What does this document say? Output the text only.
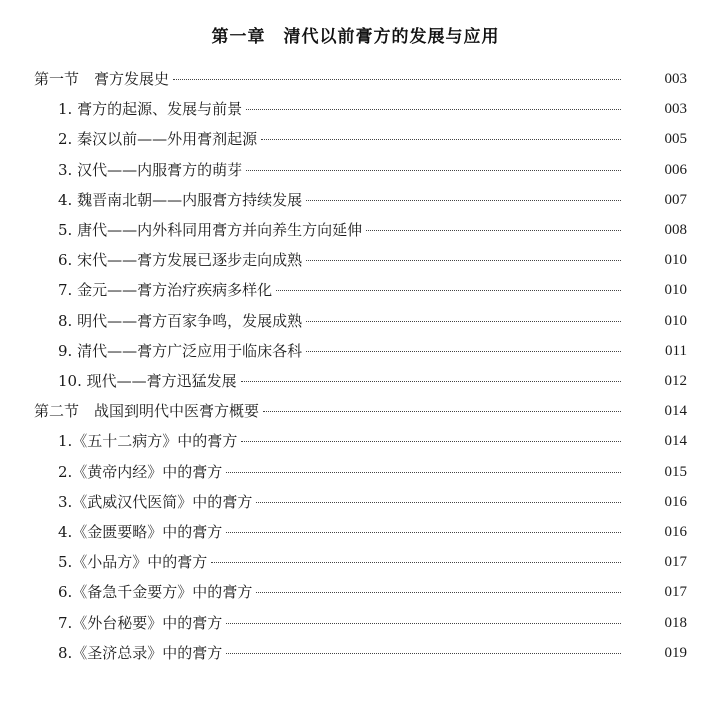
第一章　清代以前膏方的发展与应用
第一节　膏方发展史	003
1. 膏方的起源、发展与前景	003
2. 秦汉以前——外用膏剂起源	005
3. 汉代——内服膏方的萌芽	006
4. 魏晋南北朝——内服膏方持续发展	007
5. 唐代——内外科同用膏方并向养生方向延伸	008
6. 宋代——膏方发展已逐步走向成熟	010
7. 金元——膏方治疗疾病多样化	010
8. 明代——膏方百家争鸣，发展成熟	010
9. 清代——膏方广泛应用于临床各科	011
10. 现代——膏方迅猛发展	012
第二节　战国到明代中医膏方概要	014
1.《五十二病方》中的膏方	014
2.《黄帝内经》中的膏方	015
3.《武威汉代医简》中的膏方	016
4.《金匮要略》中的膏方	016
5.《小品方》中的膏方	017
6.《备急千金要方》中的膏方	017
7.《外台秘要》中的膏方	018
8.《圣济总录》中的膏方	019
